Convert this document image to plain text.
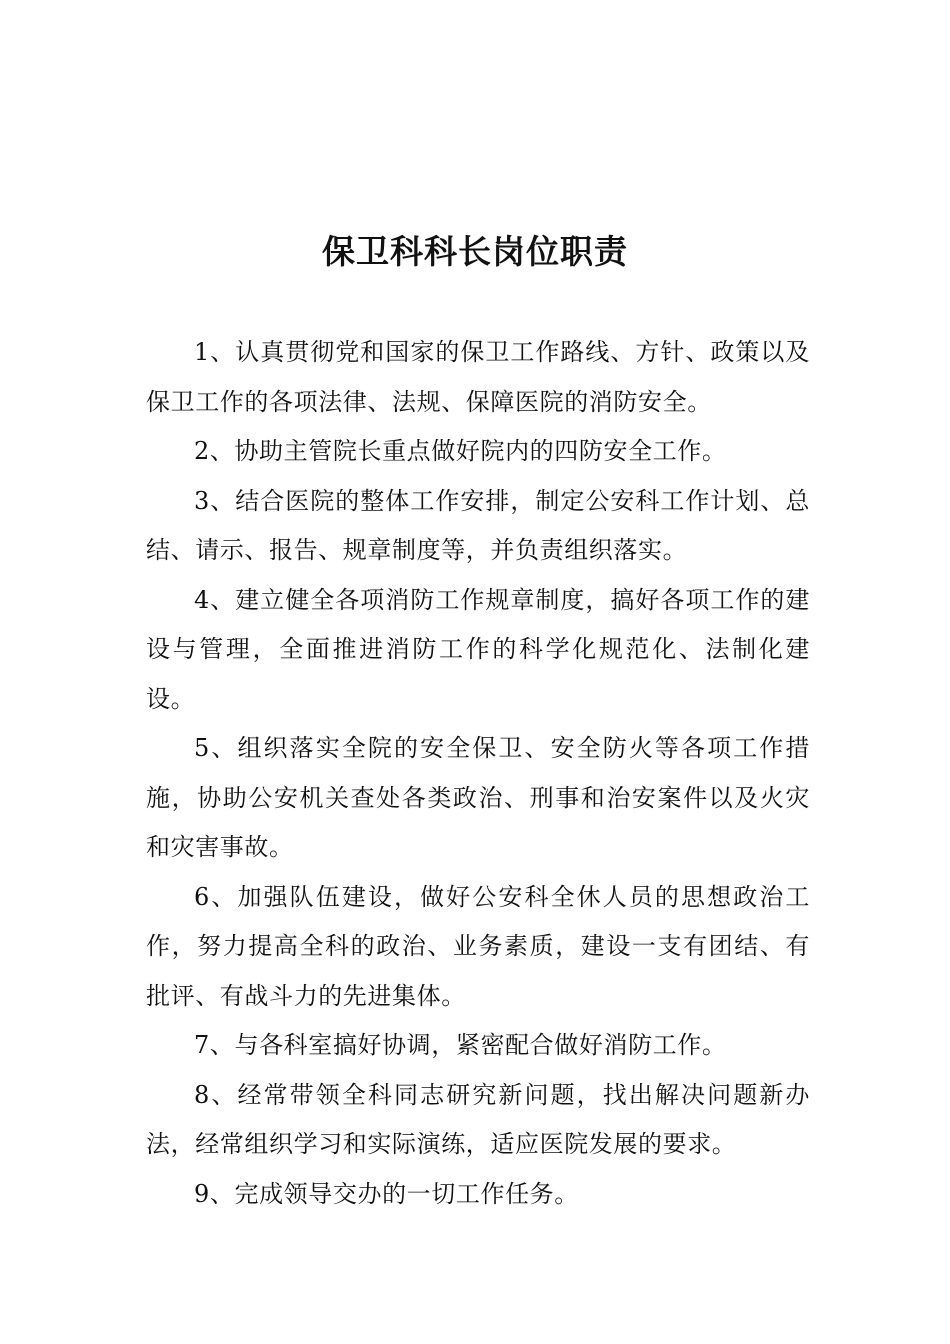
保卫科科长岗位职责

1、认真贯彻党和国家的保卫工作路线、方针、政策以及保卫工作的各项法律、法规、保障医院的消防安全。

2、协助主管院长重点做好院内的四防安全工作。

3、结合医院的整体工作安排，制定公安科工作计划、总结、请示、报告、规章制度等，并负责组织落实。

4、建立健全各项消防工作规章制度，搞好各项工作的建设与管理，全面推进消防工作的科学化规范化、法制化建设。

5、组织落实全院的安全保卫、安全防火等各项工作措施，协助公安机关查处各类政治、刑事和治安案件以及火灾和灾害事故。

6、加强队伍建设，做好公安科全休人员的思想政治工作，努力提高全科的政治、业务素质，建设一支有团结、有批评、有战斗力的先进集体。

7、与各科室搞好协调，紧密配合做好消防工作。

8、经常带领全科同志研究新问题，找出解决问题新办法，经常组织学习和实际演练，适应医院发展的要求。

9、完成领导交办的一切工作任务。
